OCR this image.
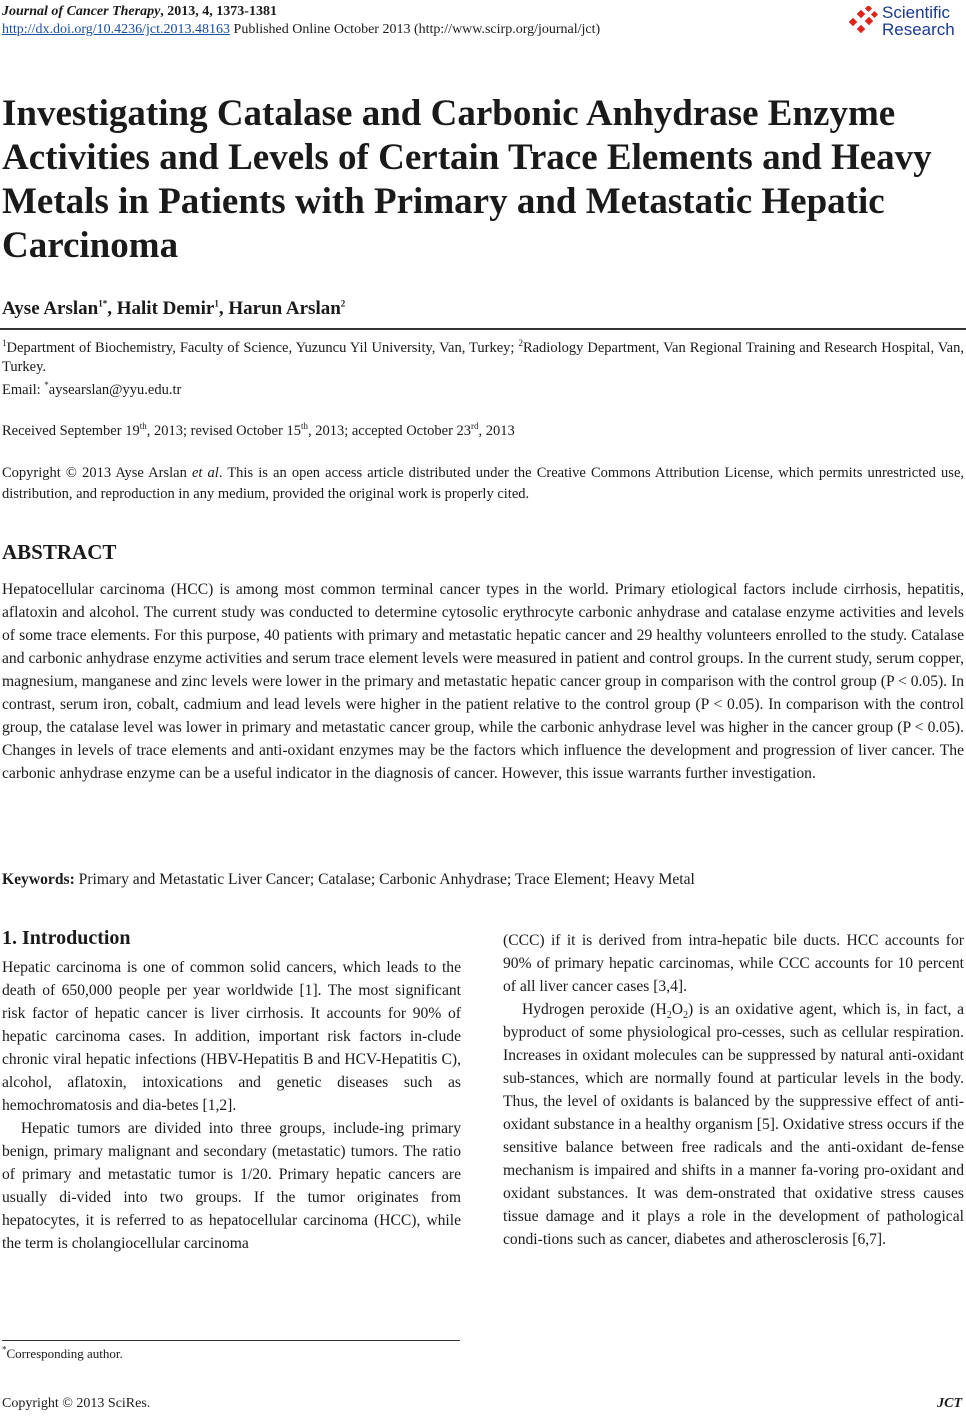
Journal of Cancer Therapy, 2013, 4, 1373-1381
http://dx.doi.org/10.4236/jct.2013.48163 Published Online October 2013 (http://www.scirp.org/journal/jct)
Scientific
Research
Investigating Catalase and Carbonic Anhydrase Enzyme Activities and Levels of Certain Trace Elements and Heavy Metals in Patients with Primary and Metastatic Hepatic Carcinoma

Ayse Arslan$^{1*}$, Halit Demir$^1$, Harun Arslan$^2$

$^1$Department of Biochemistry, Faculty of Science, Yuzuncu Yil University, Van, Turkey; $^2$Radiology Department, Van Regional Training and Research Hospital, Van, Turkey.
Email: *aysearslan@yyu.edu.tr
Received September 19th, 2013; revised October 15th, 2013; accepted October 23rd, 2013
Copyright © 2013 Ayse Arslan et al. This is an open access article distributed under the Creative Commons Attribution License, which permits unrestricted use, distribution, and reproduction in any medium, provided the original work is properly cited.
ABSTRACT

Hepatocellular carcinoma (HCC) is among most common terminal cancer types in the world. Primary etiological factors include cirrhosis, hepatitis, aflatoxin and alcohol. The current study was conducted to determine cytosolic erythrocyte carbonic anhydrase and catalase enzyme activities and levels of some trace elements. For this purpose, 40 patients with primary and metastatic hepatic cancer and 29 healthy volunteers enrolled to the study. Catalase and carbonic anhydrase enzyme activities and serum trace element levels were measured in patient and control groups. In the current study, serum copper, magnesium, manganese and zinc levels were lower in the primary and metastatic hepatic cancer group in comparison with the control group (P < 0.05). In contrast, serum iron, cobalt, cadmium and lead levels were higher in the patient relative to the control group (P < 0.05). In comparison with the control group, the catalase level was lower in primary and metastatic cancer group, while the carbonic anhydrase level was higher in the cancer group (P < 0.05). Changes in levels of trace elements and anti-oxidant enzymes may be the factors which influence the development and progression of liver cancer. The carbonic anhydrase enzyme can be a useful indicator in the diagnosis of cancer. However, this issue warrants further investigation.

Keywords: Primary and Metastatic Liver Cancer; Catalase; Carbonic Anhydrase; Trace Element; Heavy Metal
1. Introduction

Hepatic carcinoma is one of common solid cancers, which leads to the death of 650,000 people per year worldwide [1]. The most significant risk factor of hepatic cancer is liver cirrhosis. It accounts for 90% of hepatic carcinoma cases. In addition, important risk factors in-clude chronic viral hepatic infections (HBV-Hepatitis B and HCV-Hepatitis C), alcohol, aflatoxin, intoxications and genetic diseases such as hemochromatosis and dia-betes [1,2].

Hepatic tumors are divided into three groups, include-ing primary benign, primary malignant and secondary (metastatic) tumors. The ratio of primary and metastatic tumor is 1/20. Primary hepatic cancers are usually di-vided into two groups. If the tumor originates from hepatocytes, it is referred to as hepatocellular carcinoma (HCC), while the term is cholangiocellular carcinoma

(CCC) if it is derived from intra-hepatic bile ducts. HCC accounts for 90% of primary hepatic carcinomas, while CCC accounts for 10 percent of all liver cancer cases [3,4].

Hydrogen peroxide $(H_2O_2)$ is an oxidative agent, which is, in fact, a byproduct of some physiological pro-cesses, such as cellular respiration. Increases in oxidant molecules can be suppressed by natural anti-oxidant sub-stances, which are normally found at particular levels in the body. Thus, the level of oxidants is balanced by the suppressive effect of anti-oxidant substance in a healthy organism [5]. Oxidative stress occurs if the sensitive balance between free radicals and the anti-oxidant de-fense mechanism is impaired and shifts in a manner fa-voring pro-oxidant and oxidant substances. It was dem-onstrated that oxidative stress causes tissue damage and it plays a role in the development of pathological condi-tions such as cancer, diabetes and atherosclerosis [6,7].

*Corresponding author.
Copyright © 2013 SciRes.	JCT
